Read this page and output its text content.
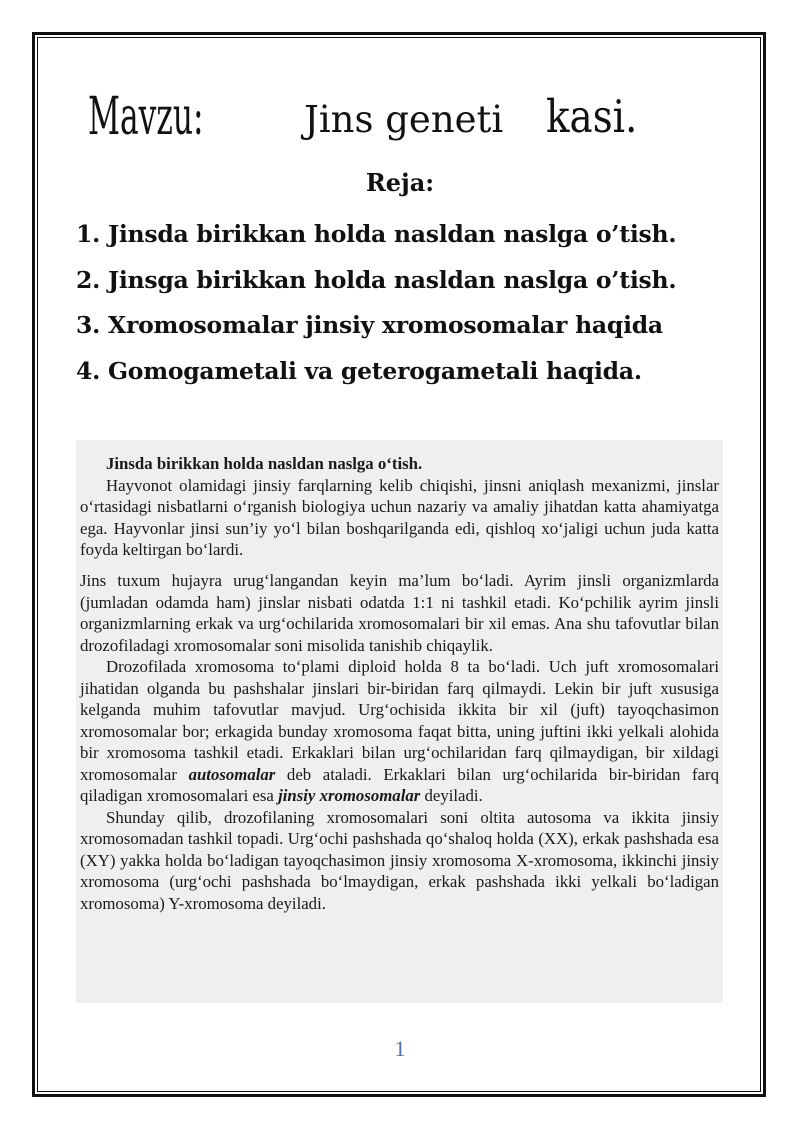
Mavzu:	Jins geneti kasi.
Reja:
1. Jinsda birikkan holda nasldan naslga o’tish.
2. Jinsga birikkan holda nasldan naslga o’tish.
3. Xromosomalar jinsiy xromosomalar haqida
4. Gomogametali va geterogametali haqida.
Jinsda birikkan holda nasldan naslga o‘tish.

Hayvonot olamidagi jinsiy farqlarning kelib chiqishi, jinsni aniqlash mexanizmi, jinslar o‘rtasidagi nisbatlarni o‘rganish biologiya uchun nazariy va amaliy jihatdan katta ahamiyatga ega. Hayvonlar jinsi sun’iy yo‘l bilan boshqarilganda edi, qishloq xo‘jaligi uchun juda katta foyda keltirgan bo‘lardi.

Jins tuxum hujayra urug‘langandan keyin ma’lum bo‘ladi. Ayrim jinsli organizmlarda (jumladan odamda ham) jinslar nisbati odatda 1:1 ni tashkil etadi. Ko‘pchilik ayrim jinsli organizmlarning erkak va urg‘ochilarida xromosomalari bir xil emas. Ana shu tafovutlar bilan drozofiladagi xromosomalar soni misolida tanishib chiqaylik.

Drozofilada xromosoma to‘plami diploid holda 8 ta bo‘ladi. Uch juft xromosomalari jihatidan olganda bu pashshalar jinslari bir-biridan farq qilmaydi. Lekin bir juft xususiga kelganda muhim tafovutlar mavjud. Urg‘ochisida ikkita bir xil (juft) tayoqchasimon xromosomalar bor; erkagida bunday xromosoma faqat bitta, uning juftini ikki yelkali alohida bir xromosoma tashkil etadi. Erkaklari bilan urg‘ochilaridan farq qilmaydigan, bir xildagi xromosomalar autosomalar deb ataladi. Erkaklari bilan urg‘ochilarida bir-biridan farq qiladigan xromosomalari esa jinsiy xromosomalar deyiladi.

Shunday qilib, drozofilaning xromosomalari soni oltita autosoma va ikkita jinsiy xromosomadan tashkil topadi. Urg‘ochi pashshada qo‘shaloq holda (XX), erkak pashshada esa (XY) yakka holda bo‘ladigan tayoqchasimon jinsiy xromosoma X-xromosoma, ikkinchi jinsiy xromosoma (urg‘ochi pashshada bo‘lmaydigan, erkak pashshada ikki yelkali bo‘ladigan xromosoma) Y-xromosoma deyiladi.

1
